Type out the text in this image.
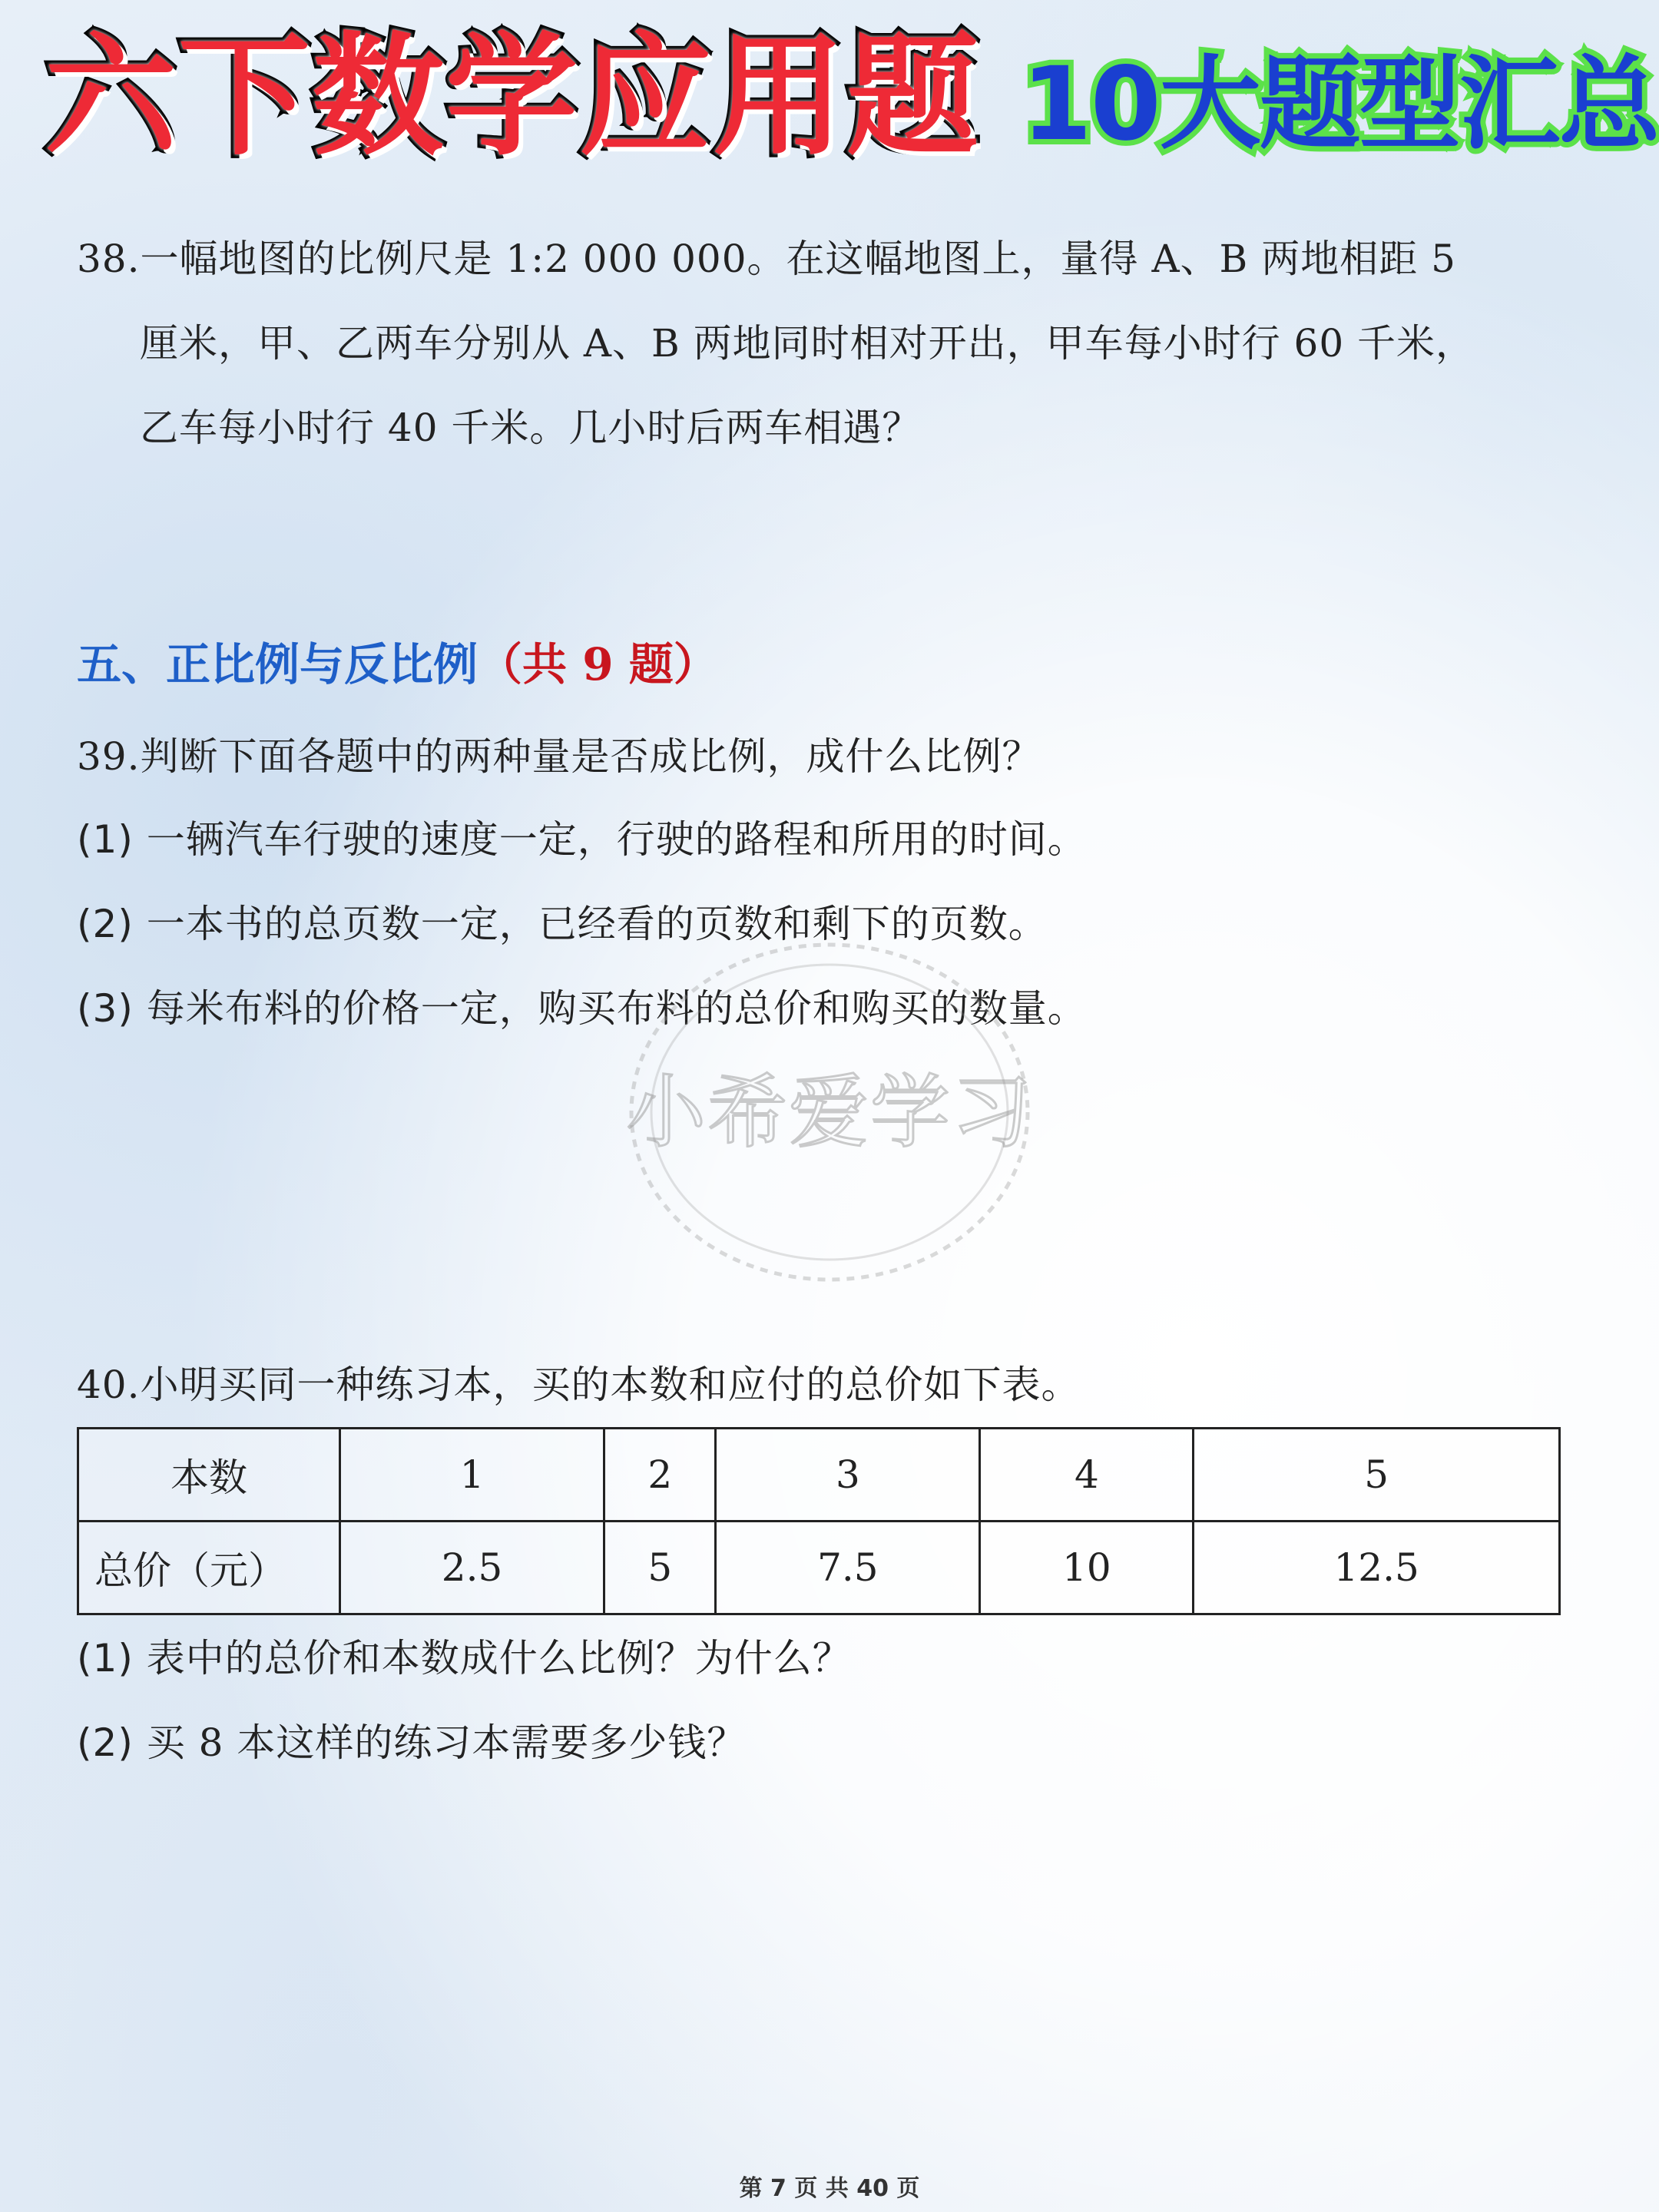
六下数学应用题 10大题型汇总
38.一幅地图的比例尺是 1:2 000 000。在这幅地图上，量得 A、B 两地相距 5
厘米，甲、乙两车分别从 A、B 两地同时相对开出，甲车每小时行 60 千米，
乙车每小时行 40 千米。几小时后两车相遇？
五、正比例与反比例（共 9 题）
39.判断下面各题中的两种量是否成比例，成什么比例？
(1) 一辆汽车行驶的速度一定，行驶的路程和所用的时间。
(2) 一本书的总页数一定，已经看的页数和剩下的页数。
(3) 每米布料的价格一定，购买布料的总价和购买的数量。
小希爱学习
40.小明买同一种练习本，买的本数和应付的总价如下表。
本数	1	2	3	4	5
总价（元）	2.5	5	7.5	10	12.5
(1) 表中的总价和本数成什么比例？为什么？
(2) 买 8 本这样的练习本需要多少钱？
第 7 页 共 40 页
